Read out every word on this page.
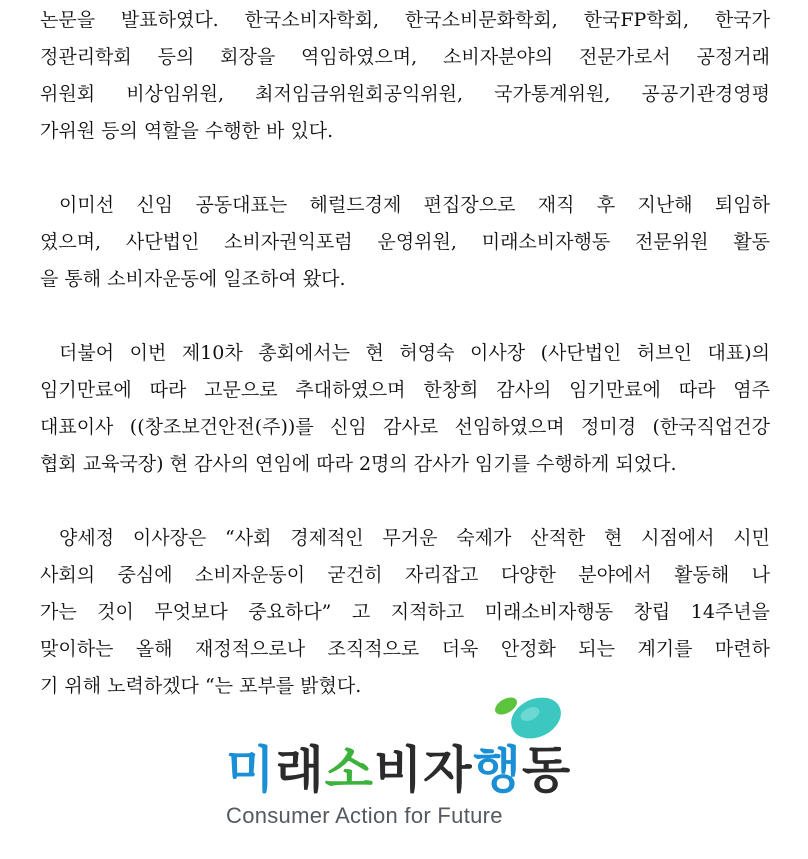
논문을 발표하였다. 한국소비자학회, 한국소비문화학회, 한국FP학회, 한국가
정관리학회 등의 회장을 역임하였으며, 소비자분야의 전문가로서 공정거래
위원회 비상임위원, 최저임금위원회공익위원, 국가통계위원, 공공기관경영평
가위원 등의 역할을 수행한 바 있다.

이미선 신임 공동대표는 헤럴드경제 편집장으로 재직 후 지난해 퇴임하
였으며, 사단법인 소비자권익포럼 운영위원, 미래소비자행동 전문위원 활동
을 통해 소비자운동에 일조하여 왔다.

더불어 이번 제10차 총회에서는 현 허영숙 이사장 (사단법인 허브인 대표)의
임기만료에 따라 고문으로 추대하였으며 한창희 감사의 임기만료에 따라 염주
대표이사 ((창조보건안전(주))를 신임 감사로 선임하였으며 정미경 (한국직업건강
협회 교육국장) 현 감사의 연임에 따라 2명의 감사가 임기를 수행하게 되었다.

양세정 이사장은 “사회 경제적인 무거운 숙제가 산적한 현 시점에서 시민
사회의 중심에 소비자운동이 굳건히 자리잡고 다양한 분야에서 활동해 나
가는 것이 무엇보다 중요하다” 고 지적하고 미래소비자행동 창립 14주년을
맞이하는 올해 재정적으로나 조직적으로 더욱 안정화 되는 계기를 마련하
기 위해 노력하겠다 “는 포부를 밝혔다.

미래소비자행동
Consumer Action for Future
